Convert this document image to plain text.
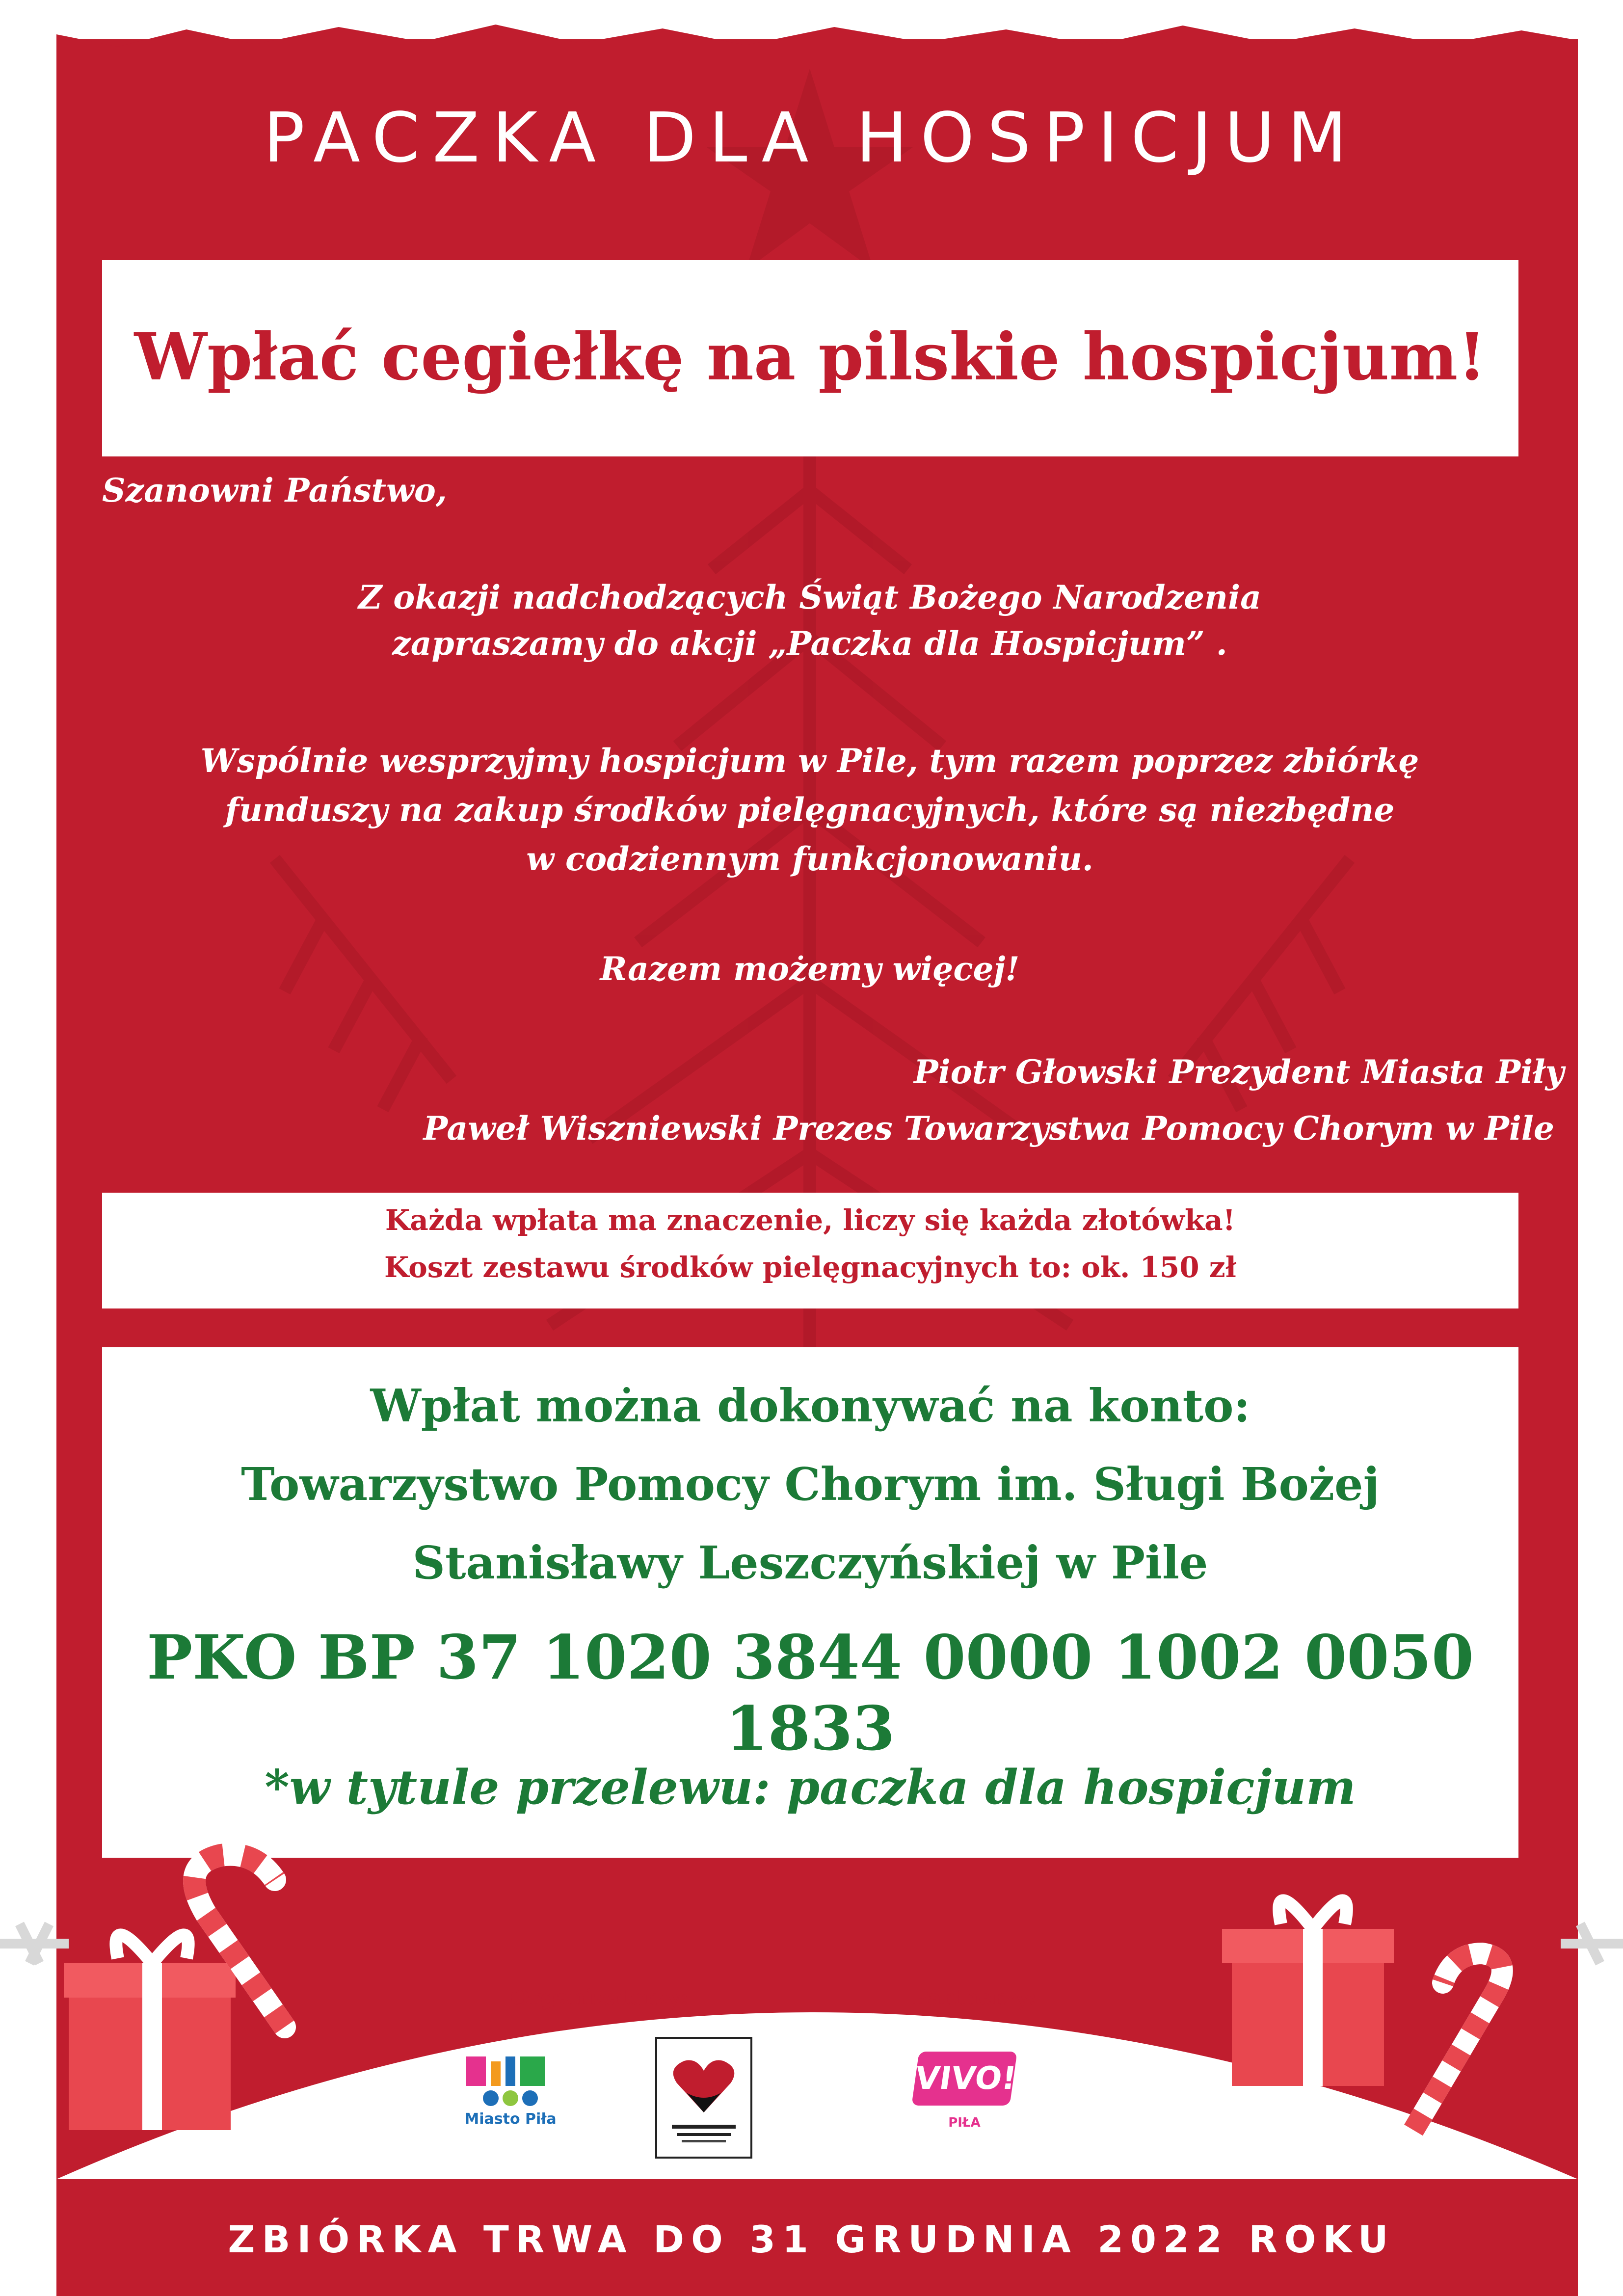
PACZKA DLA HOSPICJUM
Wpłać cegiełkę na pilskie hospicjum!
Szanowni Państwo,
Z okazji nadchodzących Świąt Bożego Narodzenia
zapraszamy do akcji „Paczka dla Hospicjum” .
Wspólnie wesprzyjmy hospicjum w Pile, tym razem poprzez zbiórkę
funduszy na zakup środków pielęgnacyjnych, które są niezbędne
w codziennym funkcjonowaniu.
Razem możemy więcej!
Piotr Głowski Prezydent Miasta Piły
Paweł Wiszniewski Prezes Towarzystwa Pomocy Chorym w Pile
Każda wpłata ma znaczenie, liczy się każda złotówka!
Koszt zestawu środków pielęgnacyjnych to: ok. 150 zł
Wpłat można dokonywać na konto:
Towarzystwo Pomocy Chorym im. Sługi Bożej
Stanisławy Leszczyńskiej w Pile
PKO BP 37 1020 3844 0000 1002 0050 1833
*w tytule przelewu: paczka dla hospicjum
Organizatorzy:	Partnerzy:
Miasto Piła
VIVO!
PIŁA
ZBIÓRKA TRWA DO 31 GRUDNIA 2022 ROKU
